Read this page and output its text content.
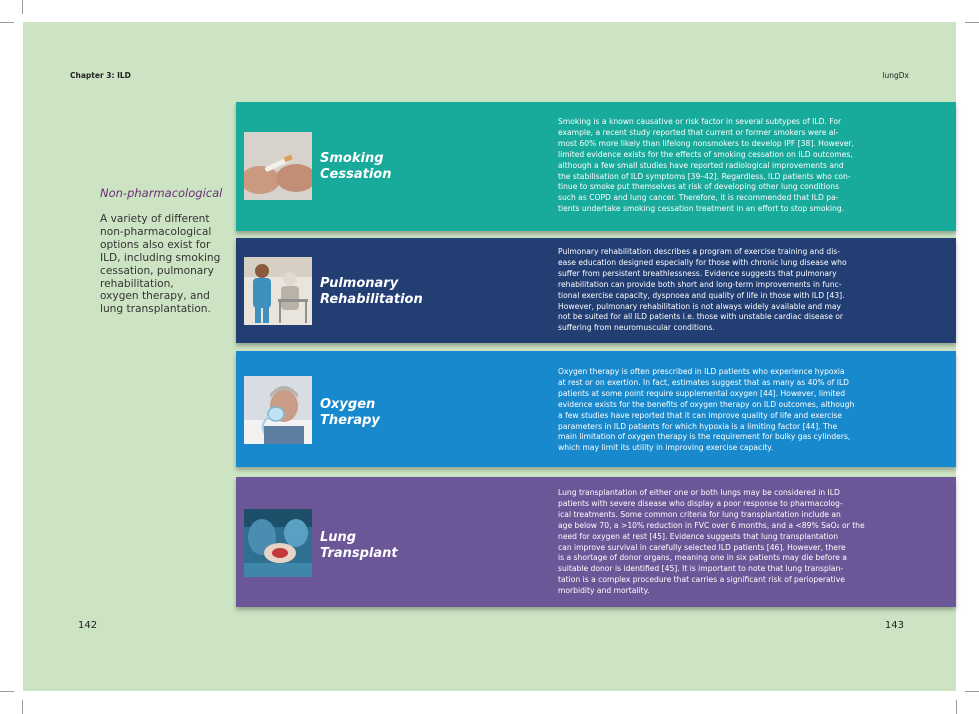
Chapter 3: ILD	lungDx
Non-pharmacological
A variety of different
non-pharmacological
options also exist for
ILD, including smoking
cessation, pulmonary
rehabilitation,
oxygen therapy, and
lung transplantation.
Smoking
Cessation
Smoking is a known causative or risk factor in several subtypes of ILD. For
example, a recent study reported that current or former smokers were al-
most 60% more likely than lifelong nonsmokers to develop IPF [38]. However,
limited evidence exists for the effects of smoking cessation on ILD outcomes,
although a few small studies have reported radiological improvements and
the stabilisation of ILD symptoms [39–42]. Regardless, ILD patients who con-
tinue to smoke put themselves at risk of developing other lung conditions
such as COPD and lung cancer. Therefore, it is recommended that ILD pa-
tients undertake smoking cessation treatment in an effort to stop smoking.
Pulmonary
Rehabilitation
Pulmonary rehabilitation describes a program of exercise training and dis-
ease education designed especially for those with chronic lung disease who
suffer from persistent breathlessness. Evidence suggests that pulmonary
rehabilitation can provide both short and long-term improvements in func-
tional exercise capacity, dyspnoea and quality of life in those with ILD [43].
However, pulmonary rehabilitation is not always widely available and may
not be suited for all ILD patients i.e. those with unstable cardiac disease or
suffering from neuromuscular conditions.
Oxygen
Therapy
Oxygen therapy is often prescribed in ILD patients who experience hypoxia
at rest or on exertion. In fact, estimates suggest that as many as 40% of ILD
patients at some point require supplemental oxygen [44]. However, limited
evidence exists for the benefits of oxygen therapy on ILD outcomes, although
a few studies have reported that it can improve quality of life and exercise
parameters in ILD patients for which hypoxia is a limiting factor [44]. The
main limitation of oxygen therapy is the requirement for bulky gas cylinders,
which may limit its utility in improving exercise capacity.
Lung
Transplant
Lung transplantation of either one or both lungs may be considered in ILD
patients with severe disease who display a poor response to pharmacolog-
ical treatments. Some common criteria for lung transplantation include an
age below 70, a >10% reduction in FVC over 6 months, and a <89% SaO₂ or the
need for oxygen at rest [45]. Evidence suggests that lung transplantation
can improve survival in carefully selected ILD patients [46]. However, there
is a shortage of donor organs, meaning one in six patients may die before a
suitable donor is identified [45]. It is important to note that lung transplan-
tation is a complex procedure that carries a significant risk of perioperative
morbidity and mortality.
142	143
